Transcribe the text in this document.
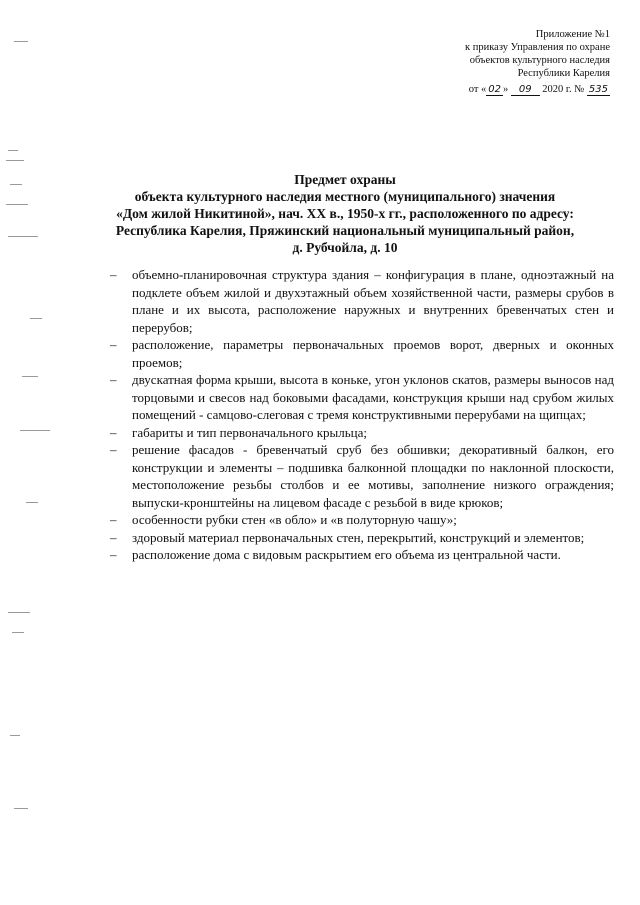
Приложение №1
к приказу Управления по охране
объектов культурного наследия
Республики Карелия
от « 02 » 09 2020 г. № 535
Предмет охраны
объекта культурного наследия местного (муниципального) значения
«Дом жилой Никитиной», нач. XX в., 1950-х гг., расположенного по адресу:
Республика Карелия, Пряжинский национальный муниципальный район,
д. Рубчойла, д. 10
– объемно-планировочная структура здания – конфигурация в плане, одноэтажный на подклете объем жилой и двухэтажный объем хозяйственной части, размеры срубов в плане и их высота, расположение наружных и внутренних бревенчатых стен и перерубов;
– расположение, параметры первоначальных проемов ворот, дверных и оконных проемов;
– двускатная форма крыши, высота в коньке, угон уклонов скатов, размеры выносов над торцовыми и свесов над боковыми фасадами, конструкция крыши над срубом жилых помещений - самцово-слеговая с тремя конструктивными перерубами на щипцах;
– габариты и тип первоначального крыльца;
– решение фасадов - бревенчатый сруб без обшивки; декоративный балкон, его конструкции и элементы – подшивка балконной площадки по наклонной плоскости, местоположение резьбы столбов и ее мотивы, заполнение низкого ограждения; выпуски-кронштейны на лицевом фасаде с резьбой в виде крюков;
– особенности рубки стен «в обло» и «в полуторную чашу»;
– здоровый материал первоначальных стен, перекрытий, конструкций и элементов;
– расположение дома с видовым раскрытием его объема из центральной части.
